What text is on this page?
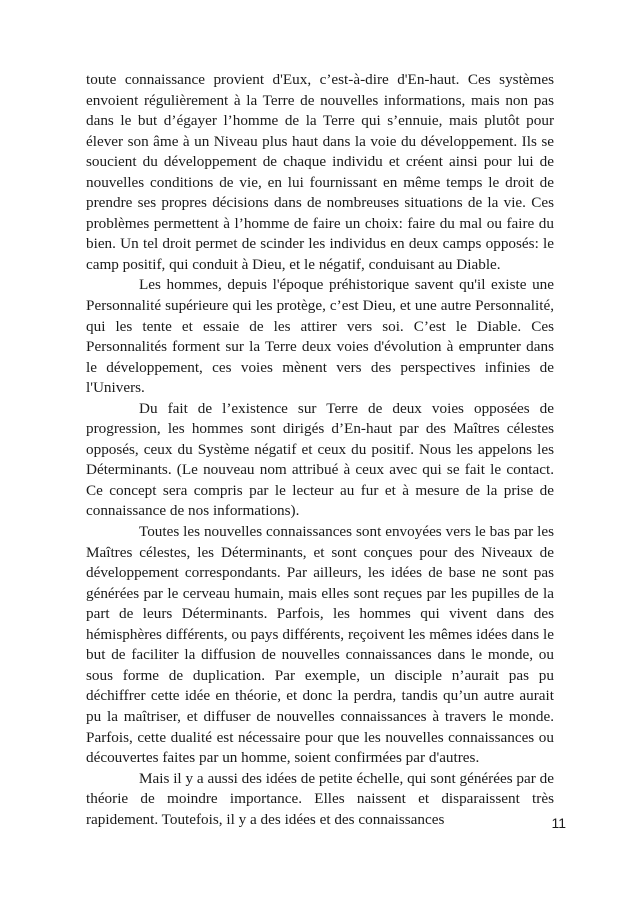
toute connaissance provient d'Eux, c’est-à-dire d'En-haut. Ces systèmes envoient régulièrement à la Terre de nouvelles informations, mais non pas dans le but d’égayer l’homme de la Terre qui s’ennuie, mais plutôt pour élever son âme à un Niveau plus haut dans la voie du développement. Ils se soucient du développement de chaque individu et créent ainsi pour lui de nouvelles conditions de vie, en lui fournissant en même temps le droit de prendre ses propres décisions dans de nombreuses situations de la vie. Ces problèmes permettent à l’homme de faire un choix: faire du mal ou faire du bien. Un tel droit permet de scinder les individus en deux camps opposés: le camp positif, qui conduit à Dieu, et le négatif, conduisant au Diable.

Les hommes, depuis l'époque préhistorique savent qu'il existe une Personnalité supérieure qui les protège, c’est Dieu, et une autre Personnalité, qui les tente et essaie de les attirer vers soi. C’est le Diable. Ces Personnalités forment sur la Terre deux voies d'évolution à emprunter dans le développement, ces voies mènent vers des perspectives infinies de l'Univers.

Du fait de l’existence sur Terre de deux voies opposées de progression, les hommes sont dirigés d’En-haut par des Maîtres célestes opposés, ceux du Système négatif et ceux du positif. Nous les appelons les Déterminants. (Le nouveau nom attribué à ceux avec qui se fait le contact. Ce concept sera compris par le lecteur au fur et à mesure de la prise de connaissance de nos informations).

Toutes les nouvelles connaissances sont envoyées vers le bas par les Maîtres célestes, les Déterminants, et sont conçues pour des Niveaux de développement correspondants. Par ailleurs, les idées de base ne sont pas générées par le cerveau humain, mais elles sont reçues par les pupilles de la part de leurs Déterminants. Parfois, les hommes qui vivent dans des hémisphères différents, ou pays différents, reçoivent les mêmes idées dans le but de faciliter la diffusion de nouvelles connaissances dans le monde, ou sous forme de duplication. Par exemple, un disciple n’aurait pas pu déchiffrer cette idée en théorie, et donc la perdra, tandis qu’un autre aurait pu la maîtriser, et diffuser de nouvelles connaissances à travers le monde. Parfois, cette dualité est nécessaire pour que les nouvelles connaissances ou découvertes faites par un homme, soient confirmées par d'autres.

Mais il y a aussi des idées de petite échelle, qui sont générées par de théorie de moindre importance. Elles naissent et disparaissent très rapidement. Toutefois, il y a des idées et des connaissances	11
